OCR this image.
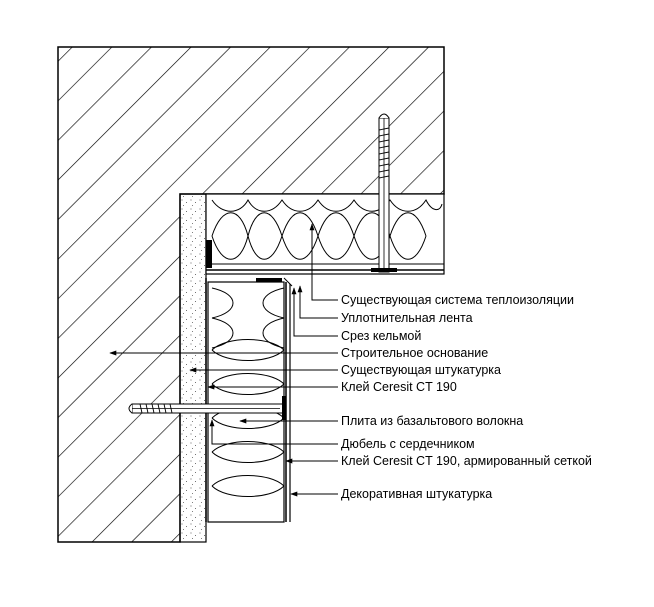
Существующая система теплоизоляции
Уплотнительная лента
Срез кельмой
Строительное основание
Существующая штукатурка
Клей Ceresit CT 190
Плита из базальтового волокна
Дюбель с сердечником
Клей Ceresit CT 190, армированный сеткой
Декоративная штукатурка
